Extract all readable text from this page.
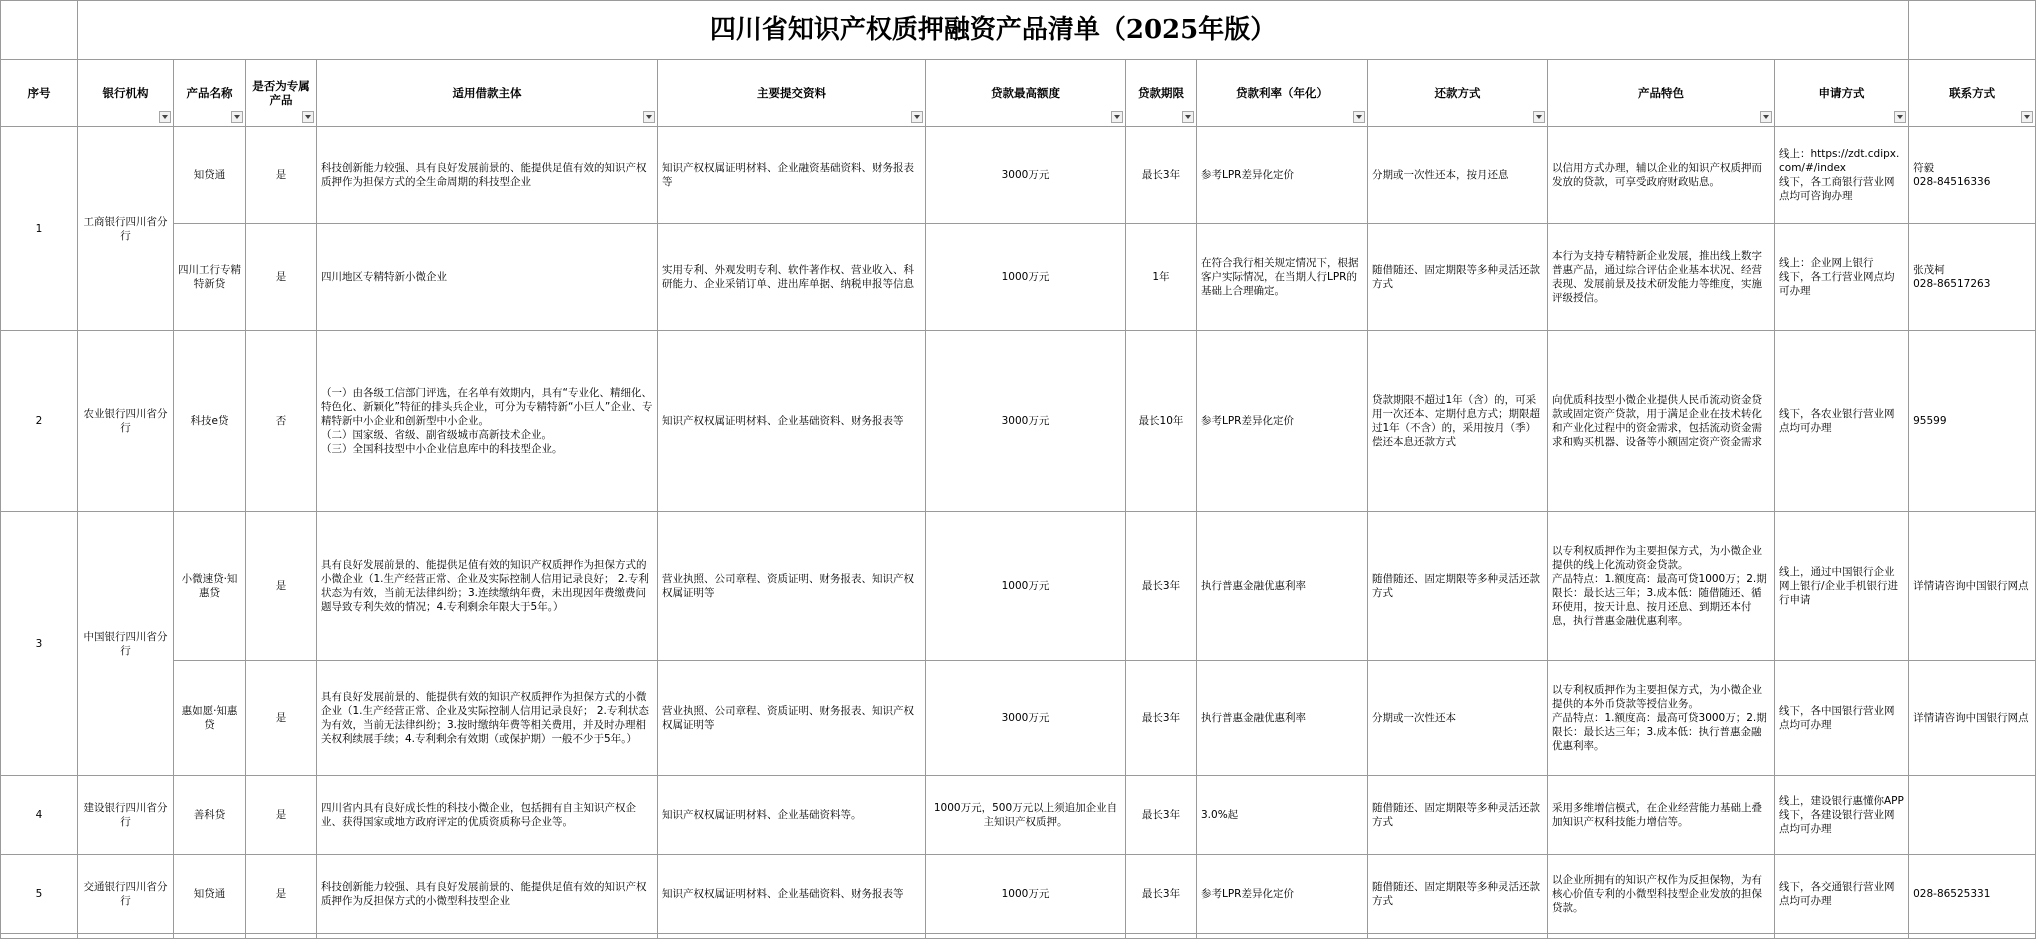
	四川省知识产权质押融资产品清单（2025年版）											
序号	银行机构	产品名称	是否为专属产品	适用借款主体	主要提交资料	贷款最高额度	贷款期限	贷款利率（年化）	还款方式	产品特色	申请方式	联系方式

1	工商银行四川省分行	知贷通	是	科技创新能力较强、具有良好发展前景的、能提供足值有效的知识产权质押作为担保方式的全生命周期的科技型企业	知识产权权属证明材料、企业融资基础资料、财务报表等	3000万元	最长3年	参考LPR差异化定价	分期或一次性还本，按月还息	以信用方式办理，辅以企业的知识产权质押而发放的贷款，可享受政府财政贴息。	线上：https://zdt.cdipx.com/#/index
线下，各工商银行营业网点均可咨询办理	符毅
028-84516336
		四川工行专精特新贷	是	四川地区专精特新小微企业	实用专利、外观发明专利、软件著作权、营业收入、科研能力、企业采销订单、进出库单据、纳税申报等信息	1000万元	1年	在符合我行相关规定情况下，根据客户实际情况，在当期人行LPR的基础上合理确定。	随借随还、固定期限等多种灵活还款方式	本行为支持专精特新企业发展，推出线上数字普惠产品，通过综合评估企业基本状况、经营表现、发展前景及技术研发能力等维度，实施评级授信。	线上：企业网上银行
线下，各工行营业网点均可办理	张茂柯
028-86517263
2	农业银行四川省分行	科技e贷	否	（一）由各级工信部门评选，在名单有效期内，具有“专业化、精细化、特色化、新颖化”特征的排头兵企业，可分为专精特新“小巨人”企业、专精特新中小企业和创新型中小企业。
（二）国家级、省级、副省级城市高新技术企业。
（三）全国科技型中小企业信息库中的科技型企业。	知识产权权属证明材料、企业基础资料、财务报表等	3000万元	最长10年	参考LPR差异化定价	贷款期限不超过1年（含）的，可采用一次还本、定期付息方式；期限超过1年（不含）的，采用按月（季）偿还本息还款方式	向优质科技型小微企业提供人民币流动资金贷款或固定资产贷款，用于满足企业在技术转化和产业化过程中的资金需求，包括流动资金需求和购买机器、设备等小额固定资产资金需求	线下，各农业银行营业网点均可办理	95599
3	中国银行四川省分行	小微速贷·知惠贷	是	具有良好发展前景的、能提供足值有效的知识产权质押作为担保方式的小微企业（1.生产经营正常、企业及实际控制人信用记录良好； 2.专利状态为有效，当前无法律纠纷；3.连续缴纳年费，未出现因年费缴费问题导致专利失效的情况；4.专利剩余年限大于5年。）	营业执照、公司章程、资质证明、财务报表、知识产权权属证明等	1000万元	最长3年	执行普惠金融优惠利率	随借随还、固定期限等多种灵活还款方式	以专利权质押作为主要担保方式，为小微企业提供的线上化流动资金贷款。
产品特点：1.额度高：最高可贷1000万；2.期限长：最长达三年；3.成本低：随借随还、循环使用，按天计息、按月还息、到期还本付息，执行普惠金融优惠利率。	线上，通过中国银行企业网上银行/企业手机银行进行申请	详情请咨询中国银行网点
		惠如愿·知惠贷	是	具有良好发展前景的、能提供有效的知识产权质押作为担保方式的小微企业（1.生产经营正常、企业及实际控制人信用记录良好； 2.专利状态为有效，当前无法律纠纷；3.按时缴纳年费等相关费用，并及时办理相关权利续展手续；4.专利剩余有效期（或保护期）一般不少于5年。）	营业执照、公司章程、资质证明、财务报表、知识产权权属证明等	3000万元	最长3年	执行普惠金融优惠利率	分期或一次性还本	以专利权质押作为主要担保方式，为小微企业提供的本外币贷款等授信业务。
产品特点：1.额度高：最高可贷3000万；2.期限长：最长达三年；3.成本低：执行普惠金融优惠利率。	线下，各中国银行营业网点均可办理	详情请咨询中国银行网点
4	建设银行四川省分行	善科贷	是	四川省内具有良好成长性的科技小微企业，包括拥有自主知识产权企业、获得国家或地方政府评定的优质资质称号企业等。	知识产权权属证明材料、企业基础资料等。	1000万元，500万元以上须追加企业自主知识产权质押。	最长3年	3.0%起	随借随还、固定期限等多种灵活还款方式	采用多维增信模式，在企业经营能力基础上叠加知识产权科技能力增信等。	线上，建设银行惠懂你APP
线下，各建设银行营业网点均可办理	
5	交通银行四川省分行	知贷通	是	科技创新能力较强、具有良好发展前景的、能提供足值有效的知识产权质押作为反担保方式的小微型科技型企业	知识产权权属证明材料、企业基础资料、财务报表等	1000万元	最长3年	参考LPR差异化定价	随借随还、固定期限等多种灵活还款方式	以企业所拥有的知识产权作为反担保物，为有核心价值专利的小微型科技型企业发放的担保贷款。	线下，各交通银行营业网点均可办理	028-86525331
